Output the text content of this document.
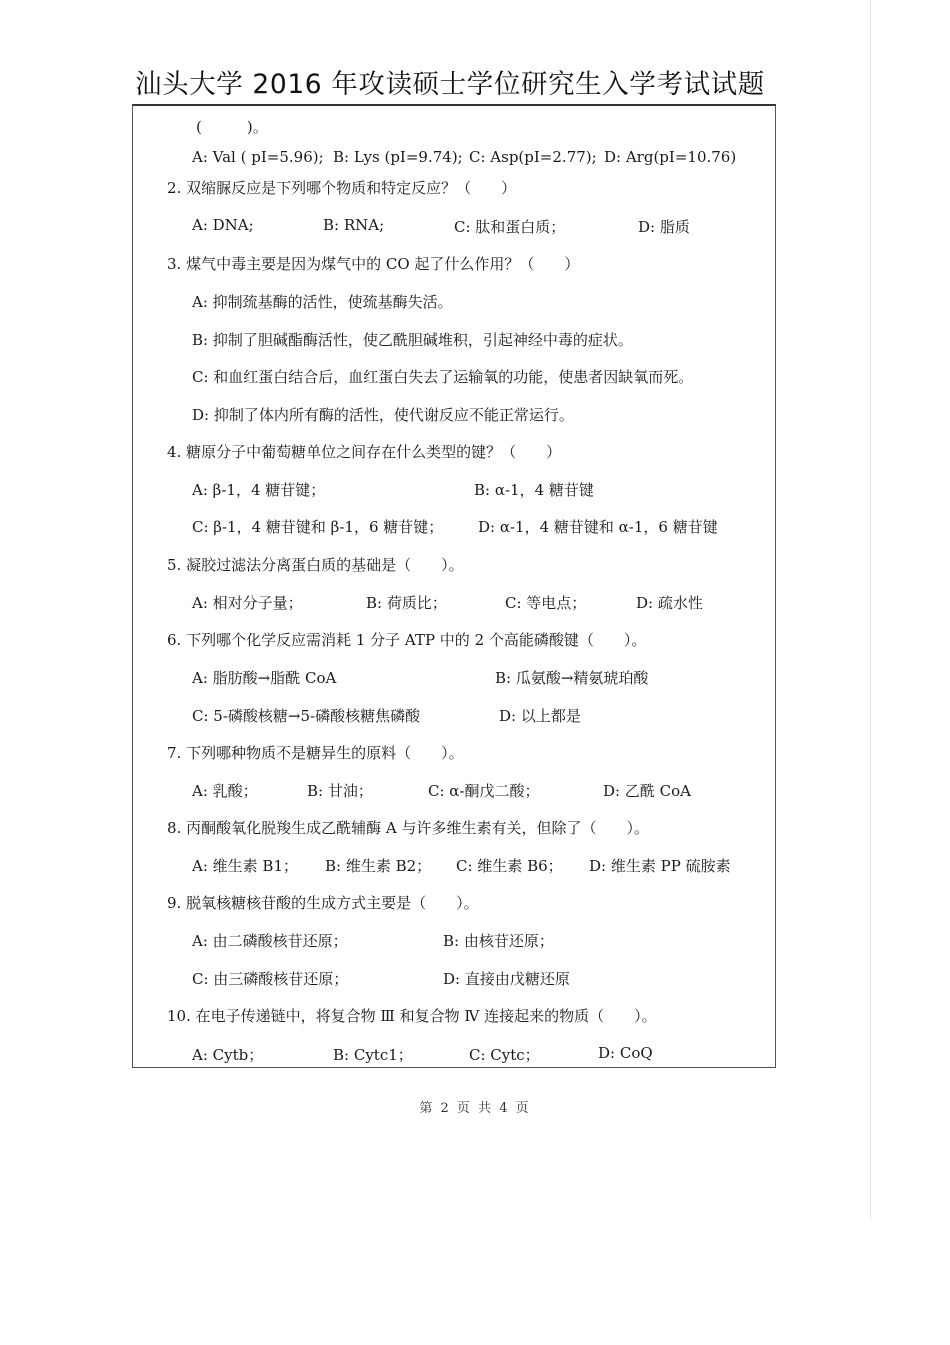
汕头大学 2016 年攻读硕士学位研究生入学考试试题
(　　　)。
A: Val ( pI=5.96); B: Lys (pI=9.74); C: Asp(pI=2.77); D: Arg(pI=10.76)
2. 双缩脲反应是下列哪个物质和特定反应？（　　）
A: DNA;	B: RNA;	C: 肽和蛋白质；	D: 脂质
3. 煤气中毒主要是因为煤气中的 CO 起了什么作用？（　　）
A: 抑制巯基酶的活性，使巯基酶失活。
B: 抑制了胆碱酯酶活性，使乙酰胆碱堆积，引起神经中毒的症状。
C: 和血红蛋白结合后，血红蛋白失去了运输氧的功能，使患者因缺氧而死。
D: 抑制了体内所有酶的活性，使代谢反应不能正常运行。
4. 糖原分子中葡萄糖单位之间存在什么类型的键？（　　）
A: β-1，4 糖苷键；	B: α-1，4 糖苷键
C: β-1，4 糖苷键和 β-1，6 糖苷键； D: α-1，4 糖苷键和 α-1，6 糖苷键
5. 凝胶过滤法分离蛋白质的基础是（　　）。
A: 相对分子量；	B: 荷质比；	C: 等电点；	D: 疏水性
6. 下列哪个化学反应需消耗 1 分子 ATP 中的 2 个高能磷酸键（　　）。
A: 脂肪酸→脂酰 CoA	B: 瓜氨酸→精氨琥珀酸
C: 5-磷酸核糖→5-磷酸核糖焦磷酸	D: 以上都是
7. 下列哪种物质不是糖异生的原料（　　）。
A: 乳酸；	B: 甘油；	C: α-酮戊二酸；	D: 乙酰 CoA
8. 丙酮酸氧化脱羧生成乙酰辅酶 A 与许多维生素有关，但除了（　　）。
A: 维生素 B1； B: 维生素 B2； C: 维生素 B6； D: 维生素 PP 硫胺素
9. 脱氧核糖核苷酸的生成方式主要是（　　）。
A: 由二磷酸核苷还原；	B: 由核苷还原；
C: 由三磷酸核苷还原；	D: 直接由戊糖还原
10. 在电子传递链中，将复合物 Ⅲ 和复合物 Ⅳ 连接起来的物质（　　）。
A: Cytb；	B: Cytc1；	C: Cytc；	D: CoQ
第 2 页 共 4 页
